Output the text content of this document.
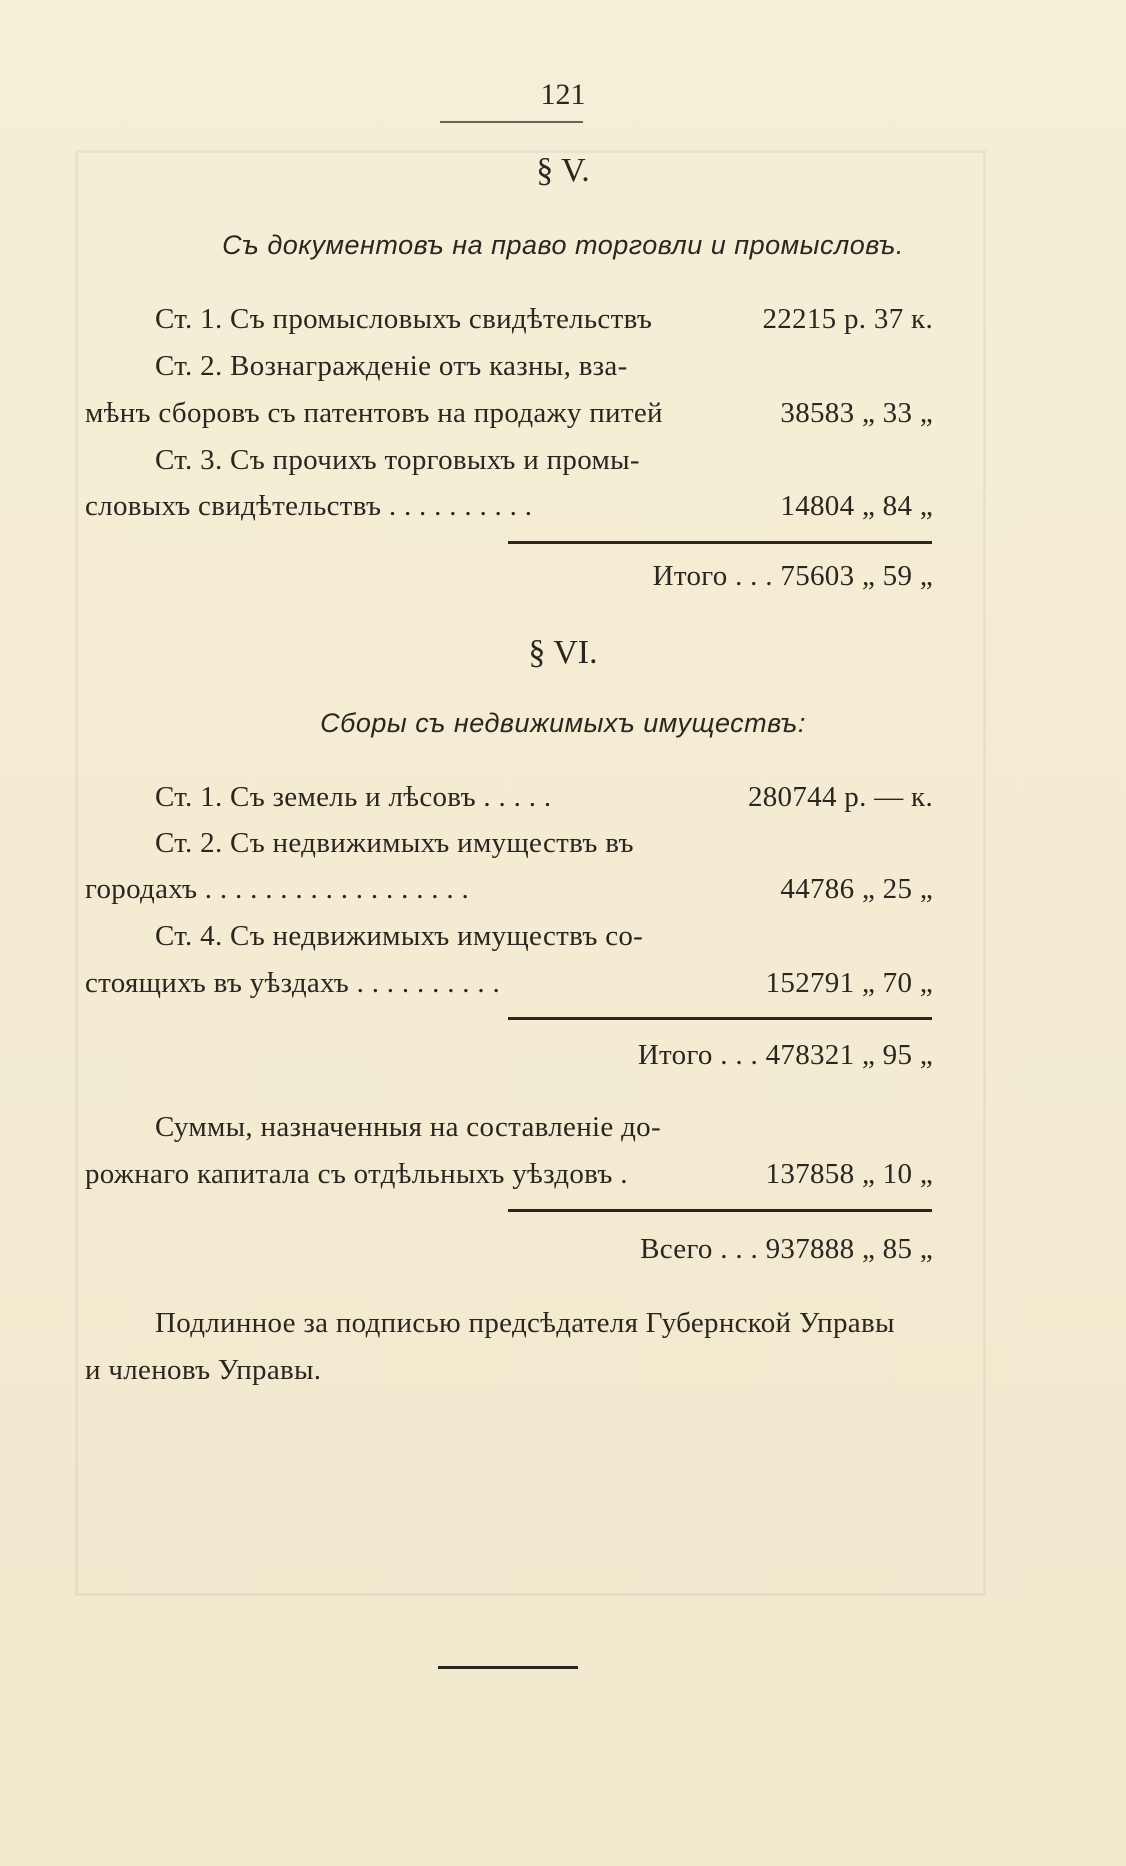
121
§ V.
Съ документовъ на право торговли и промысловъ.
Ст. 1. Съ промысловыхъ свидѣтельствъ	22215 р. 37 к.
Ст. 2. Вознагражденіе отъ казны, вза-
мѣнъ сборовъ съ патентовъ на продажу питей	38583 „ 33 „
Ст. 3. Съ прочихъ торговыхъ и промы-
словыхъ свидѣтельствъ . . . . . . . . . .	14804 „ 84 „
Итого . . . 75603 „ 59 „
§ VI.
Сборы съ недвижимыхъ имуществъ:
Ст. 1. Съ земель и лѣсовъ . . . . .	280744 р. — к.
Ст. 2. Съ недвижимыхъ имуществъ въ
городахъ . . . . . . . . . . . . . . . . . .	44786 „ 25 „
Ст. 4. Съ недвижимыхъ имуществъ со-
стоящихъ въ уѣздахъ . . . . . . . . . .	152791 „ 70 „
Итого . . . 478321 „ 95 „
Суммы, назначенныя на составленіе до-
рожнаго капитала съ отдѣльныхъ уѣздовъ .	137858 „ 10 „
Всего . . . 937888 „ 85 „
Подлинное за подписью предсѣдателя Губернской Управы
и членовъ Управы.
